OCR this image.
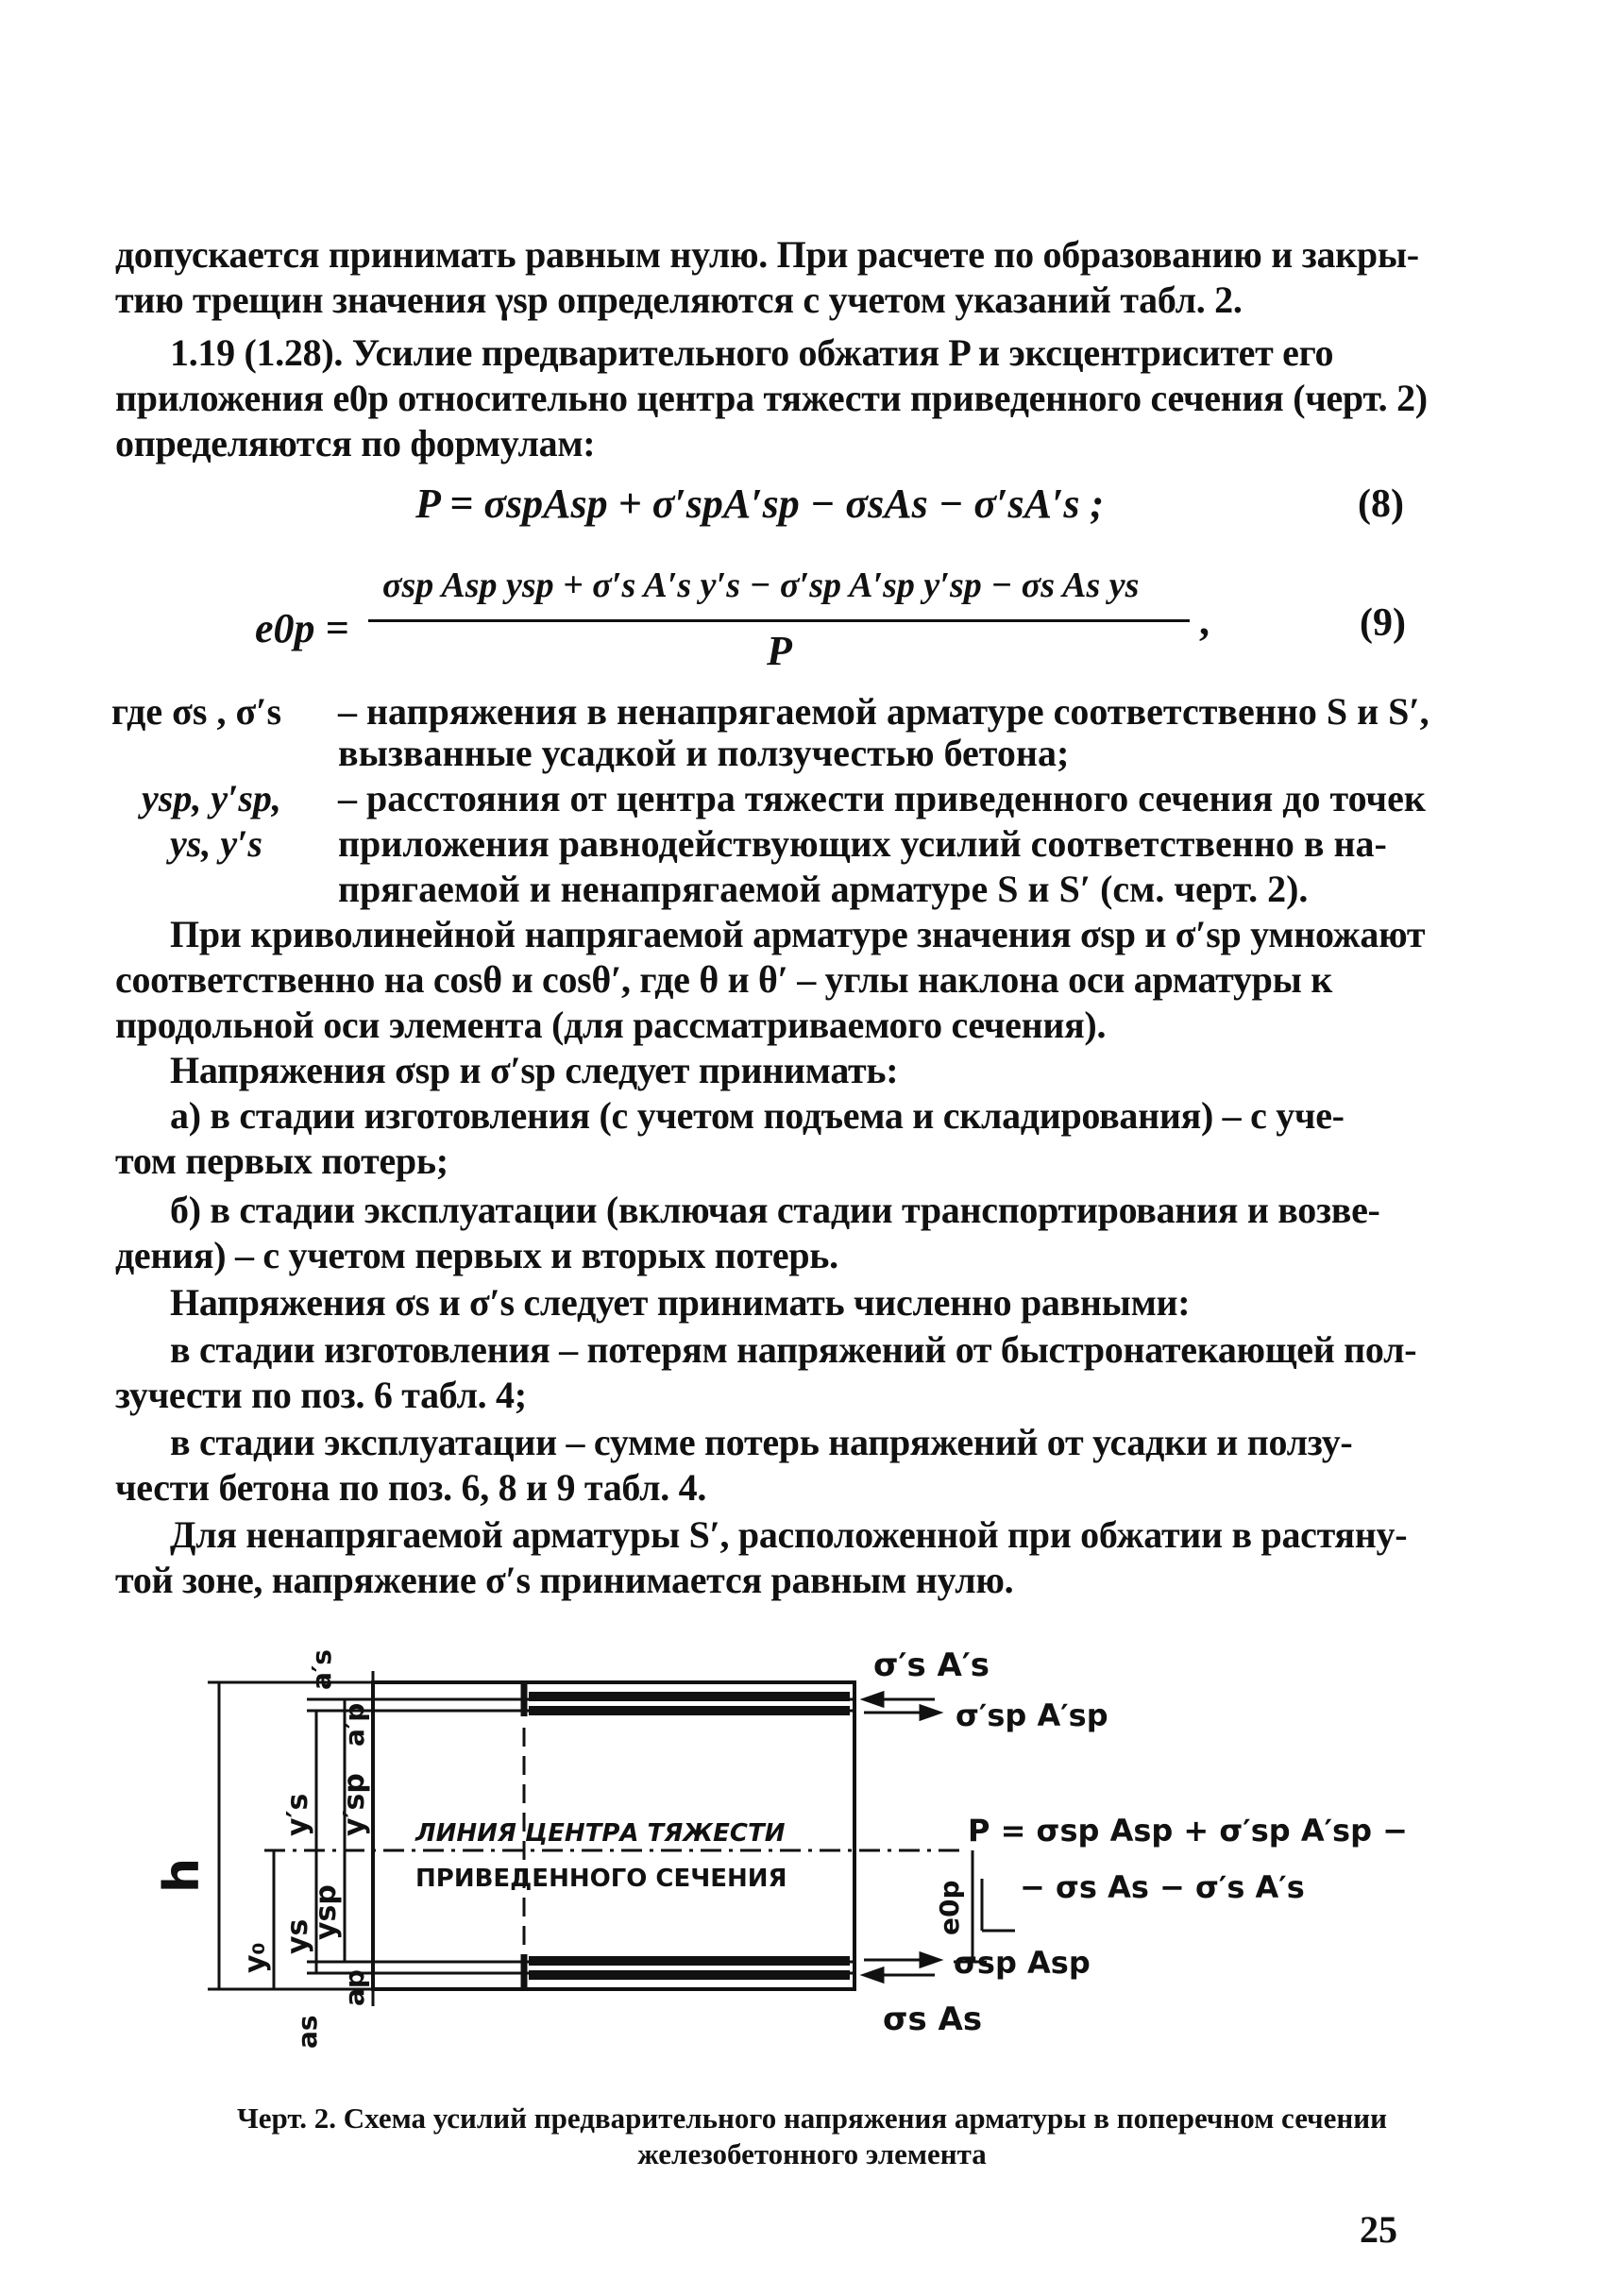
допускается принимать равным нулю. При расчете по образованию и закры-
тию трещин значения γsp определяются с учетом указаний табл. 2.
1.19 (1.28). Усилие предварительного обжатия P и эксцентриситет его
приложения e0p относительно центра тяжести приведенного сечения (черт. 2)
определяются по формулам:
P = σspAsp + σ′spA′sp − σsAs − σ′sA′s ;	(8)
e0p =
σsp Asp ysp + σ′s A′s y′s − σ′sp A′sp y′sp − σs As ys
P
,	(9)
где σs , σ′s – напряжения в ненапрягаемой арматуре соответственно S и S′,
вызванные усадкой и ползучестью бетона;
ysp, y′sp, – расстояния от центра тяжести приведенного сечения до точек
ys, y′s приложения равнодействующих усилий соответственно в на-
прягаемой и ненапрягаемой арматуре S и S′ (см. черт. 2).
При криволинейной напрягаемой арматуре значения σsp и σ′sp умножают
соответственно на cosθ и cosθ′, где θ и θ′ – углы наклона оси арматуры к
продольной оси элемента (для рассматриваемого сечения).
Напряжения σsp и σ′sp следует принимать:
а) в стадии изготовления (с учетом подъема и складирования) – с уче-
том первых потерь;
б) в стадии эксплуатации (включая стадии транспортирования и возве-
дения) – с учетом первых и вторых потерь.
Напряжения σs и σ′s следует принимать численно равными:
в стадии изготовления – потерям напряжений от быстронатекающей пол-
зучести по поз. 6 табл. 4;
в стадии эксплуатации – сумме потерь напряжений от усадки и ползу-
чести бетона по поз. 6, 8 и 9 табл. 4.
Для ненапрягаемой арматуры S′, расположенной при обжатии в растяну-
той зоне, напряжение σ′s принимается равным нулю.
h
y₀
ys
ysp
y′s y′sp
a′s
a′p
as
ap
ЛИНИЯ ЦЕНТРА ТЯЖЕСТИ
ПРИВЕДЕННОГО СЕЧЕНИЯ
e0p
σ′s A′s
σ′sp A′sp
P = σsp Asp + σ′sp A′sp −
− σs As − σ′s A′s
σsp Asp
σs As
Черт. 2. Схема усилий предварительного напряжения арматуры в поперечном сечении
железобетонного элемента
25
